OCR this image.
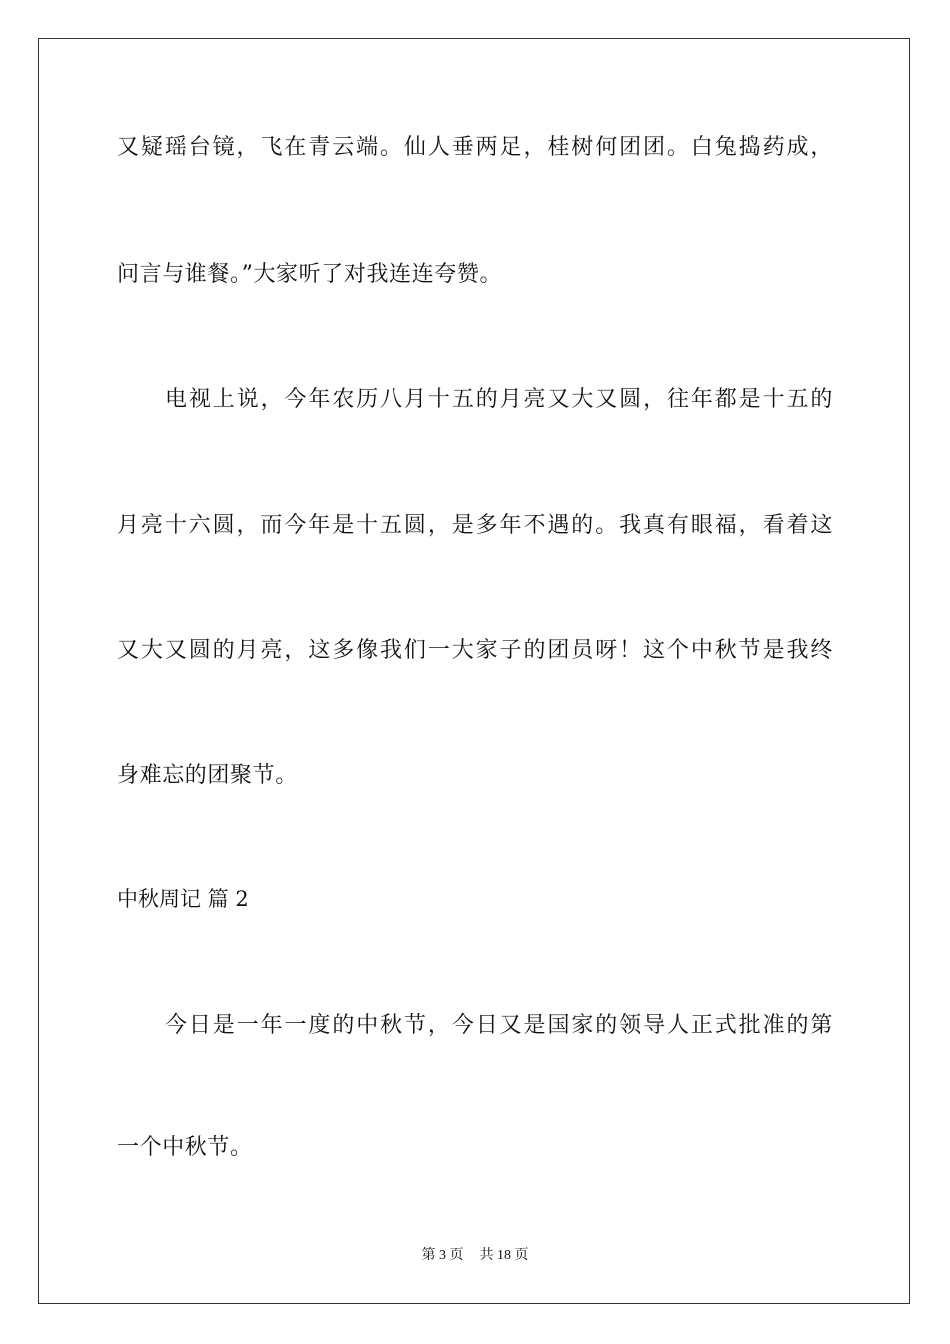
又疑瑶台镜，飞在青云端。仙人垂两足，桂树何团团。白兔捣药成，
问言与谁餐。”大家听了对我连连夸赞。
电视上说，今年农历八月十五的月亮又大又圆，往年都是十五的
月亮十六圆，而今年是十五圆，是多年不遇的。我真有眼福，看着这
又大又圆的月亮，这多像我们一大家子的团员呀！这个中秋节是我终
身难忘的团聚节。
中秋周记 篇 2
今日是一年一度的中秋节，今日又是国家的领导人正式批准的第
一个中秋节。
第 3 页 共 18 页
